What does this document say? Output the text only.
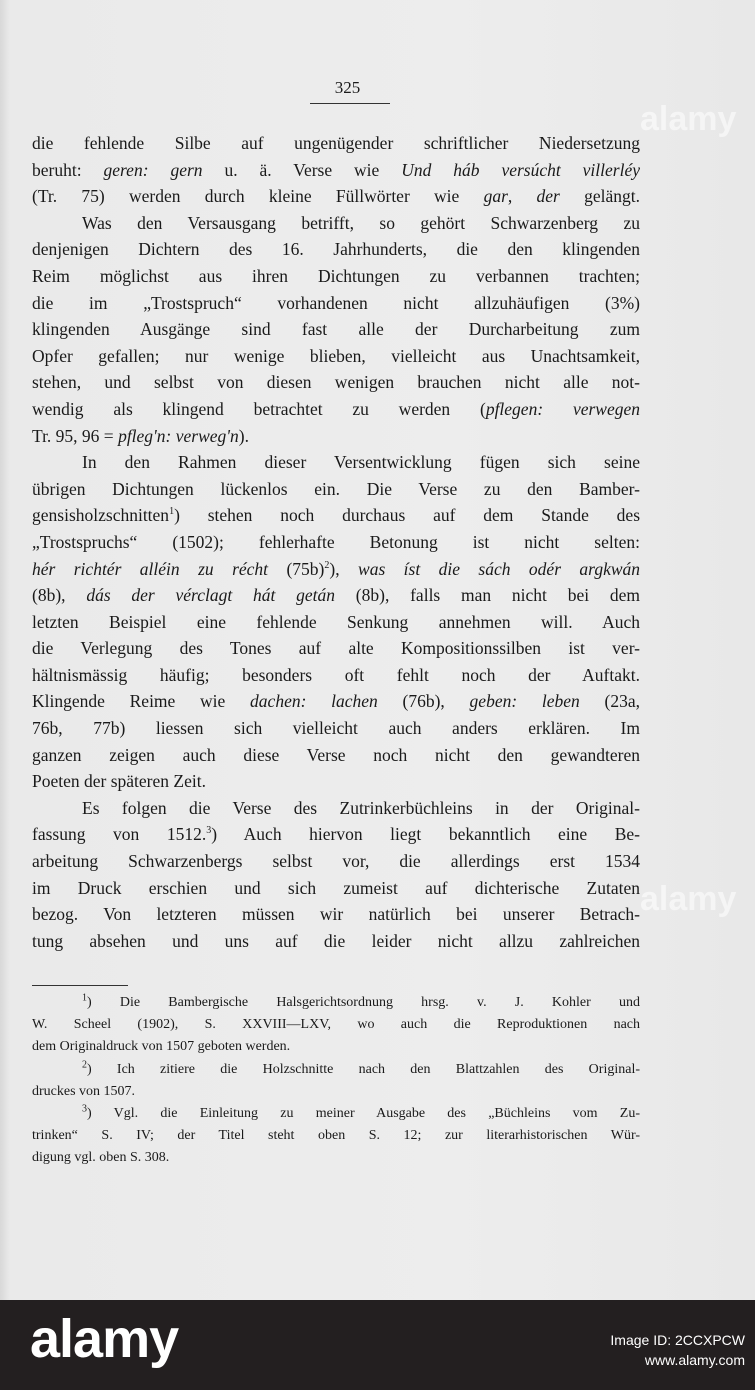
alamy
alamy
325
die fehlende Silbe auf ungenügender schriftlicher Niedersetzung
beruht: geren: gern u. ä. Verse wie Und háb versúcht villerléy
(Tr. 75) werden durch kleine Füllwörter wie gar, der gelängt.
Was den Versausgang betrifft, so gehört Schwarzenberg zu
denjenigen Dichtern des 16. Jahrhunderts, die den klingenden
Reim möglichst aus ihren Dichtungen zu verbannen trachten;
die im „Trostspruch“ vorhandenen nicht allzuhäufigen (3%)
klingenden Ausgänge sind fast alle der Durcharbeitung zum
Opfer gefallen; nur wenige blieben, vielleicht aus Unachtsamkeit,
stehen, und selbst von diesen wenigen brauchen nicht alle not-
wendig als klingend betrachtet zu werden (pflegen: verwegen
Tr. 95, 96 = pfleg'n: verweg'n).
In den Rahmen dieser Versentwicklung fügen sich seine
übrigen Dichtungen lückenlos ein. Die Verse zu den Bamber-
gensisholzschnitten$^1$) stehen noch durchaus auf dem Stande des
„Trostspruchs“ (1502); fehlerhafte Betonung ist nicht selten:
hér richtér alléin zu récht $(75b)^2$), was íst die sách odér argkwán
(8b), dás der vérclagt hát getán (8b), falls man nicht bei dem
letzten Beispiel eine fehlende Senkung annehmen will. Auch
die Verlegung des Tones auf alte Kompositionssilben ist ver-
hältnismässig häufig; besonders oft fehlt noch der Auftakt.
Klingende Reime wie dachen: lachen (76b), geben: leben (23a,
76b, 77b) liessen sich vielleicht auch anders erklären. Im
ganzen zeigen auch diese Verse noch nicht den gewandteren
Poeten der späteren Zeit.
Es folgen die Verse des Zutrinkerbüchleins in der Original-
fassung von 1512.$^3$) Auch hiervon liegt bekanntlich eine Be-
arbeitung Schwarzenbergs selbst vor, die allerdings erst 1534
im Druck erschien und sich zumeist auf dichterische Zutaten
bezog. Von letzteren müssen wir natürlich bei unserer Betrach-
tung absehen und uns auf die leider nicht allzu zahlreichen
$^1$) Die Bambergische Halsgerichtsordnung hrsg. v. J. Kohler und
W. Scheel (1902), S. XXVIII—LXV, wo auch die Reproduktionen nach
dem Originaldruck von 1507 geboten werden.
$^2$) Ich zitiere die Holzschnitte nach den Blattzahlen des Original-
druckes von 1507.
$^3$) Vgl. die Einleitung zu meiner Ausgabe des „Büchleins vom Zu-
trinken“ S. IV; der Titel steht oben S. 12; zur literarhistorischen Wür-
digung vgl. oben S. 308.
alamy	Image ID: 2CCXPCW
www.alamy.com
